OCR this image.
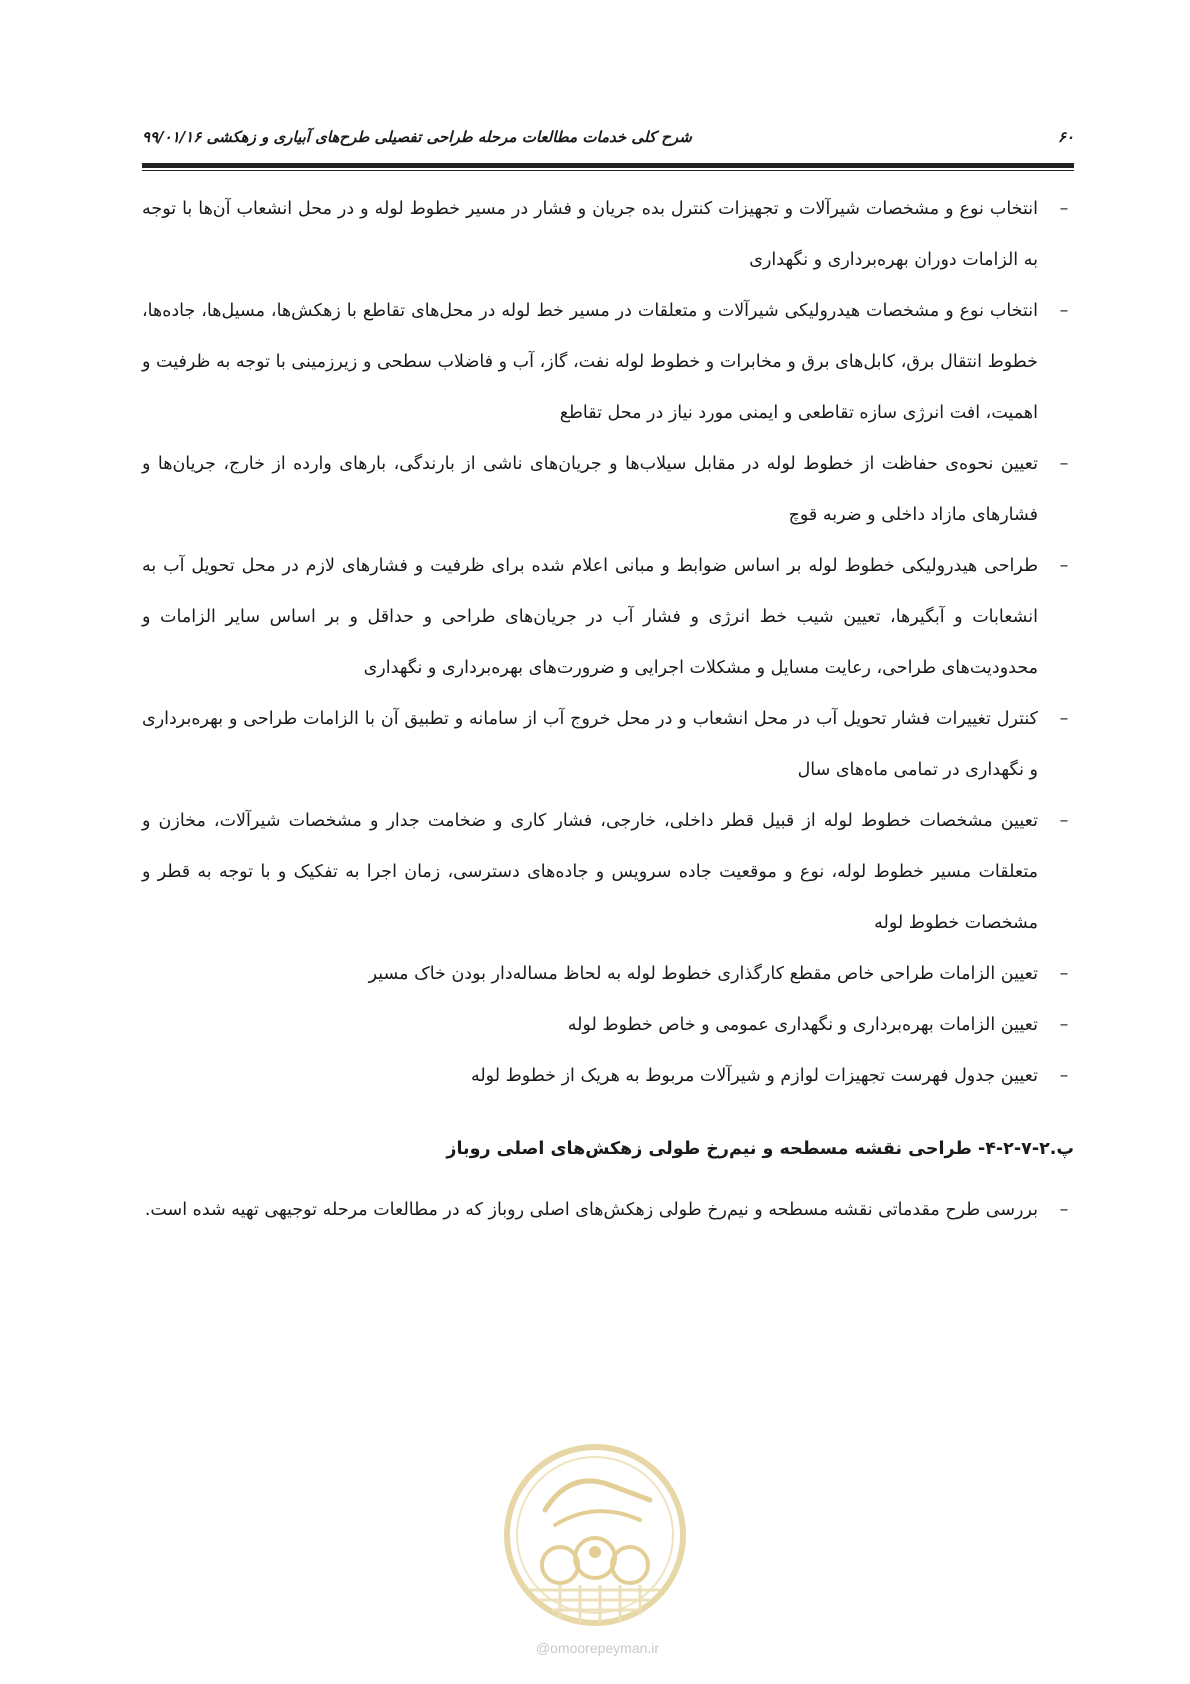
۶۰
شرح کلی خدمات مطالعات مرحله طراحی تفصیلی طرح‌های آبیاری و زهکشی ۹۹/۰۱/۱۶
–
انتخاب نوع و مشخصات شیرآلات و تجهیزات کنترل بده جریان و فشار در مسیر خطوط لوله و در محل انشعاب آن‌ها با توجه به الزامات دوران بهره‌برداری و نگهداری
–
انتخاب نوع و مشخصات هیدرولیکی شیرآلات و متعلقات در مسیر خط لوله در محل‌های تقاطع با زهکش‌ها، مسیل‌ها، جاده‌ها، خطوط انتقال برق، کابل‌های برق و مخابرات و خطوط لوله نفت، گاز، آب و فاضلاب سطحی و زیرزمینی با توجه به ظرفیت و اهمیت، افت انرژی سازه تقاطعی و ایمنی مورد نیاز در محل تقاطع
–
تعیین نحوه‌ی حفاظت از خطوط لوله در مقابل سیلاب‌ها و جریان‌های ناشی از بارندگی، بارهای وارده از خارج، جریان‌ها و فشارهای مازاد داخلی و ضربه قوچ
–
طراحی هیدرولیکی خطوط لوله بر اساس ضوابط و مبانی اعلام شده برای ظرفیت و فشارهای لازم در محل تحویل آب به انشعابات و آبگیرها، تعیین شیب خط انرژی و فشار آب در جریان‌های طراحی و حداقل و بر اساس سایر الزامات و محدودیت‌های طراحی، رعایت مسایل و مشکلات اجرایی و ضرورت‌های بهره‌برداری و نگهداری
–
کنترل تغییرات فشار تحویل آب در محل انشعاب و در محل خروج آب از سامانه و تطبیق آن با الزامات طراحی و بهره‌برداری و نگهداری در تمامی ماه‌های سال
–
تعیین مشخصات خطوط لوله از قبیل قطر داخلی، خارجی، فشار کاری و ضخامت جدار و مشخصات شیرآلات، مخازن و متعلقات مسیر خطوط لوله، نوع و موقعیت جاده سرویس و جاده‌های دسترسی، زمان اجرا به تفکیک و با توجه به قطر و مشخصات خطوط لوله
–
تعیین الزامات طراحی خاص مقطع کارگذاری خطوط لوله به لحاظ مساله‌دار بودن خاک مسیر
–
تعیین الزامات بهره‌برداری و نگهداری عمومی و خاص خطوط لوله
–
تعیین جدول فهرست تجهیزات لوازم و شیرآلات مربوط به هریک از خطوط لوله
پ.۲-۷-۲-۴- طراحی نقشه مسطحه و نیم‌رخ طولی زهکش‌های اصلی روباز
–
بررسی طرح مقدماتی نقشه مسطحه و نیم‌رخ طولی زهکش‌های اصلی روباز که در مطالعات مرحله توجیهی تهیه شده است.
@omoorepeyman.ir
